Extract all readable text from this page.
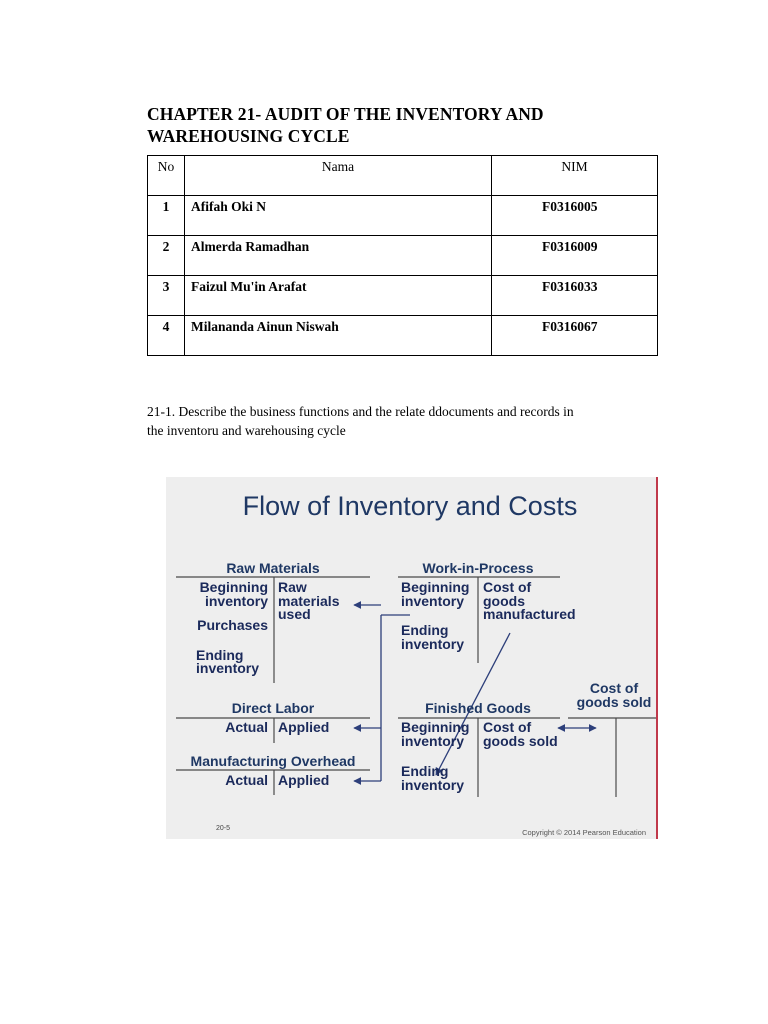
CHAPTER 21- AUDIT OF THE INVENTORY AND
WAREHOUSING CYCLE
No	Nama	NIM
1	Afifah Oki N	F0316005
2	Almerda Ramadhan	F0316009
3	Faizul Mu'in Arafat	F0316033
4	Milananda Ainun Niswah	F0316067
21-1. Describe the business functions and the relate ddocuments and records in
the inventoru and warehousing cycle
Flow of Inventory and Costs
Raw Materials
Beginning
inventory
Purchases
Ending
inventory
Raw
materials
used
Work-in-Process
Beginning
inventory
Ending
inventory
Cost of
goods
manufactured
Direct Labor
Actual Applied
Manufacturing Overhead
Actual Applied
Finished Goods
Beginning
inventory
Ending
inventory
Cost of
goods sold
Cost of
goods sold
20-5	Copyright © 2014 Pearson Education
